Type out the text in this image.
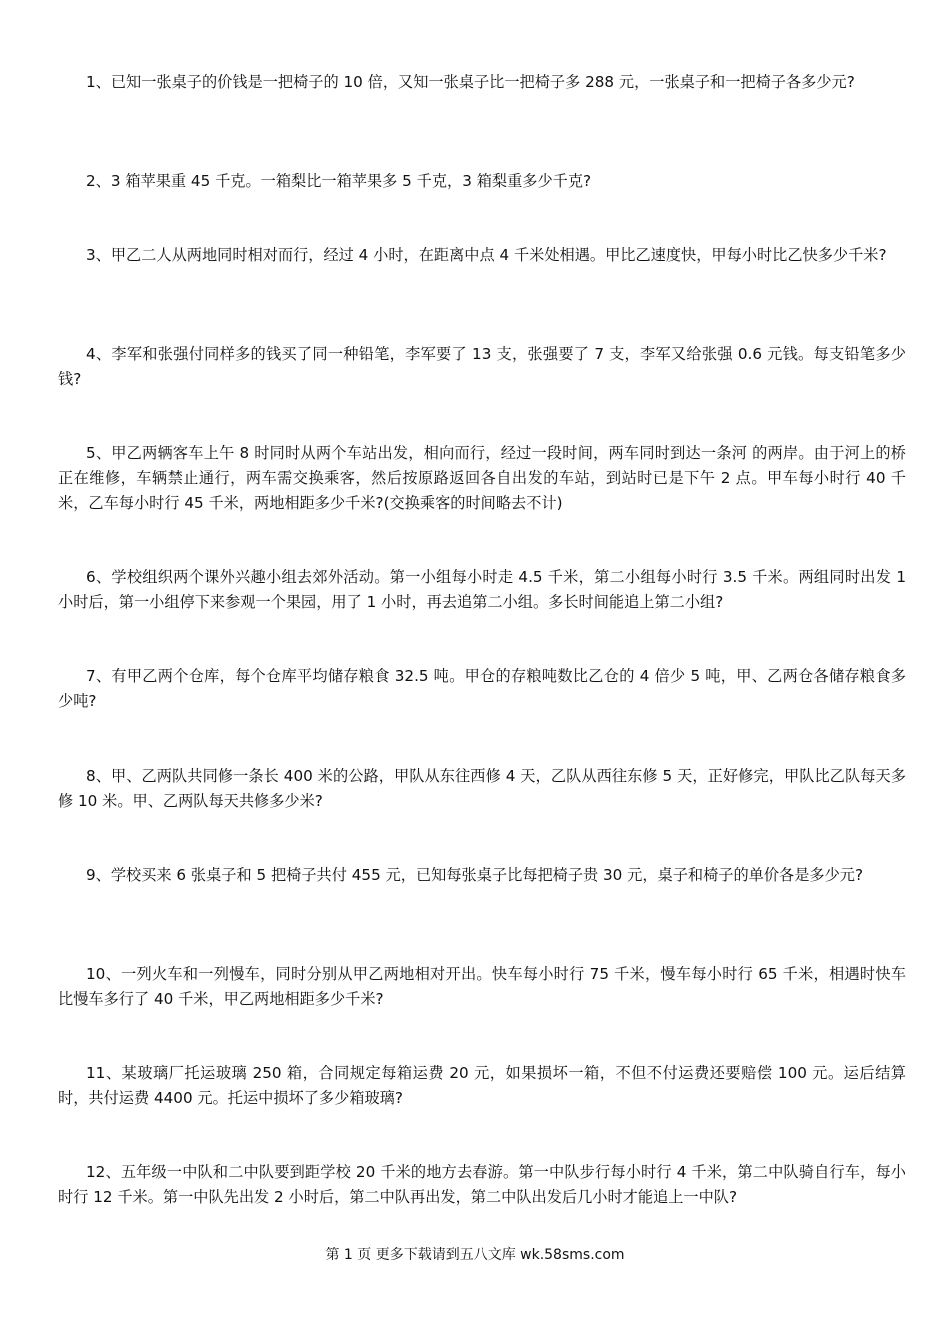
1、已知一张桌子的价钱是一把椅子的 10 倍，又知一张桌子比一把椅子多 288 元，一张桌子和一把椅子各多少元?

2、3 箱苹果重 45 千克。一箱梨比一箱苹果多 5 千克，3 箱梨重多少千克?

3、甲乙二人从两地同时相对而行，经过 4 小时，在距离中点 4 千米处相遇。甲比乙速度快，甲每小时比乙快多少千米?

4、李军和张强付同样多的钱买了同一种铅笔，李军要了 13 支，张强要了 7 支，李军又给张强 0.6 元钱。每支铅笔多少钱?

5、甲乙两辆客车上午 8 时同时从两个车站出发，相向而行，经过一段时间，两车同时到达一条河 的两岸。由于河上的桥正在维修，车辆禁止通行，两车需交换乘客，然后按原路返回各自出发的车站，到站时已是下午 2 点。甲车每小时行 40 千米，乙车每小时行 45 千米，两地相距多少千米?(交换乘客的时间略去不计)

6、学校组织两个课外兴趣小组去郊外活动。第一小组每小时走 4.5 千米，第二小组每小时行 3.5 千米。两组同时出发 1 小时后，第一小组停下来参观一个果园，用了 1 小时，再去追第二小组。多长时间能追上第二小组?

7、有甲乙两个仓库，每个仓库平均储存粮食 32.5 吨。甲仓的存粮吨数比乙仓的 4 倍少 5 吨，甲、乙两仓各储存粮食多少吨?

8、甲、乙两队共同修一条长 400 米的公路，甲队从东往西修 4 天，乙队从西往东修 5 天，正好修完，甲队比乙队每天多修 10 米。甲、乙两队每天共修多少米?

9、学校买来 6 张桌子和 5 把椅子共付 455 元，已知每张桌子比每把椅子贵 30 元，桌子和椅子的单价各是多少元?

10、一列火车和一列慢车，同时分别从甲乙两地相对开出。快车每小时行 75 千米，慢车每小时行 65 千米，相遇时快车比慢车多行了 40 千米，甲乙两地相距多少千米?

11、某玻璃厂托运玻璃 250 箱，合同规定每箱运费 20 元，如果损坏一箱，不但不付运费还要赔偿 100 元。运后结算时，共付运费 4400 元。托运中损坏了多少箱玻璃?

12、五年级一中队和二中队要到距学校 20 千米的地方去春游。第一中队步行每小时行 4 千米，第二中队骑自行车，每小时行 12 千米。第一中队先出发 2 小时后，第二中队再出发，第二中队出发后几小时才能追上一中队?

第 1 页 更多下载请到五八文库 wk.58sms.com
